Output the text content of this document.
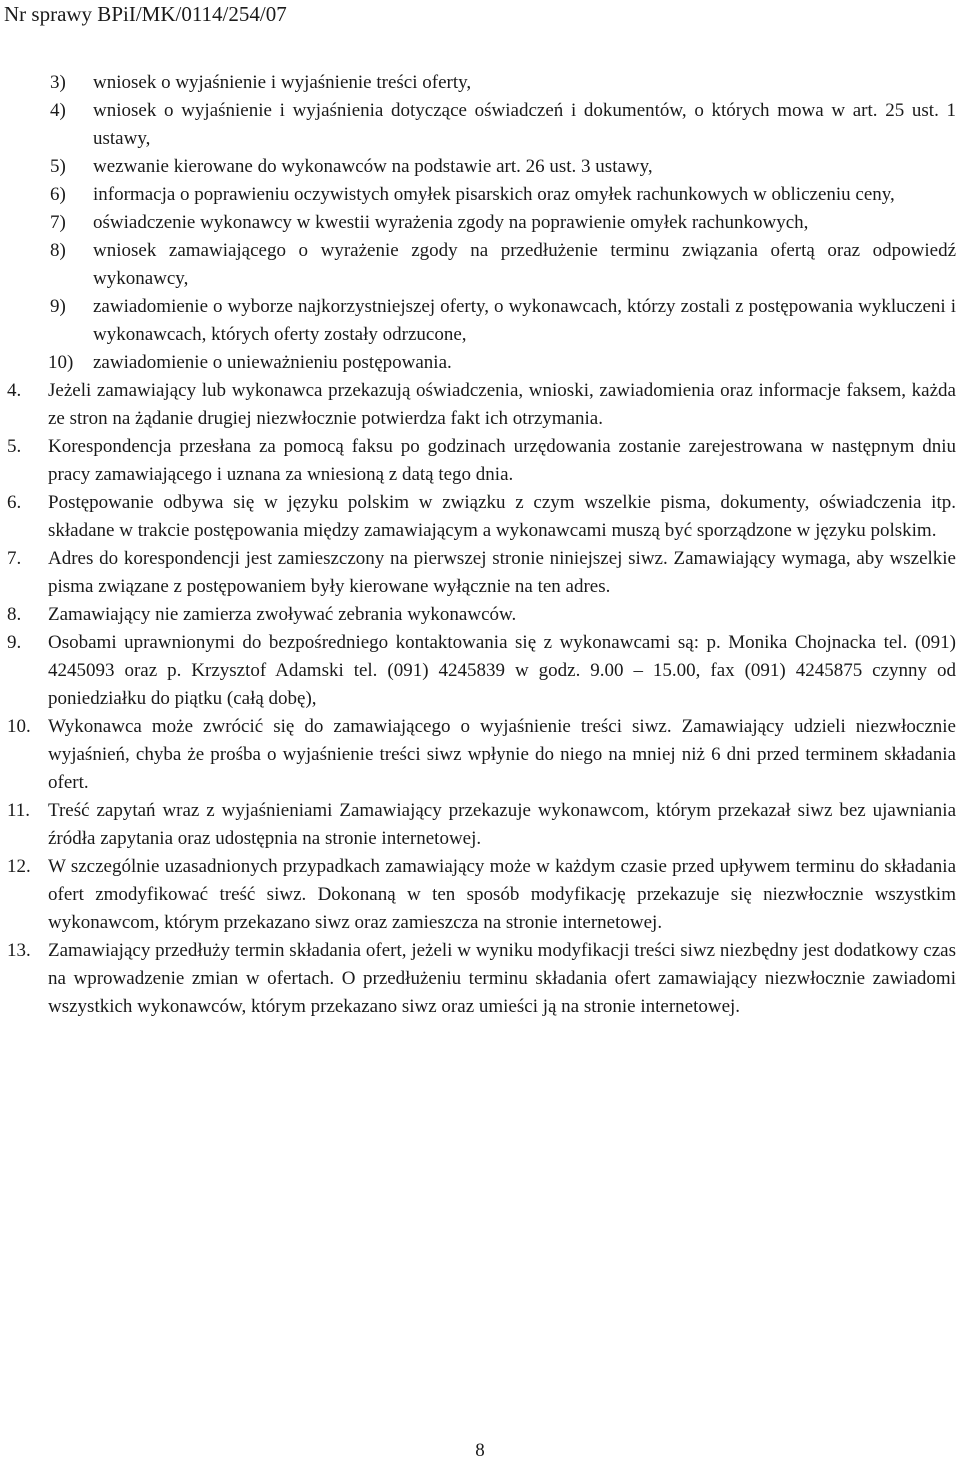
Nr sprawy BPiI/MK/0114/254/07
3) wniosek o wyjaśnienie i wyjaśnienie treści oferty,
4) wniosek o wyjaśnienie i wyjaśnienia dotyczące oświadczeń i dokumentów, o których mowa w art. 25 ust. 1 ustawy,
5) wezwanie kierowane do wykonawców na podstawie art. 26 ust. 3 ustawy,
6) informacja o poprawieniu oczywistych omyłek pisarskich oraz omyłek rachunkowych w obliczeniu ceny,
7) oświadczenie wykonawcy w kwestii wyrażenia zgody na poprawienie omyłek rachunkowych,
8) wniosek zamawiającego o wyrażenie zgody na przedłużenie terminu związania ofertą oraz odpowiedź wykonawcy,
9) zawiadomienie o wyborze najkorzystniejszej oferty, o wykonawcach, którzy zostali z postępowania wykluczeni i wykonawcach, których oferty zostały odrzucone,
10) zawiadomienie o unieważnieniu postępowania.
4. Jeżeli zamawiający lub wykonawca przekazują oświadczenia, wnioski, zawiadomienia oraz informacje faksem, każda ze stron na żądanie drugiej niezwłocznie potwierdza fakt ich otrzymania.
5. Korespondencja przesłana za pomocą faksu po godzinach urzędowania zostanie zarejestrowana w następnym dniu pracy zamawiającego i uznana za wniesioną z datą tego dnia.
6. Postępowanie odbywa się w języku polskim w związku z czym wszelkie pisma, dokumenty, oświadczenia itp. składane w trakcie postępowania między zamawiającym a wykonawcami muszą być sporządzone w języku polskim.
7. Adres do korespondencji jest zamieszczony na pierwszej stronie niniejszej siwz. Zamawiający wymaga, aby wszelkie pisma związane z postępowaniem były kierowane wyłącznie na ten adres.
8. Zamawiający nie zamierza zwoływać zebrania wykonawców.
9. Osobami uprawnionymi do bezpośredniego kontaktowania się z wykonawcami są: p. Monika Chojnacka tel. (091) 4245093 oraz p. Krzysztof Adamski tel. (091) 4245839 w godz. 9.00 – 15.00, fax (091) 4245875 czynny od poniedziałku do piątku (całą dobę),
10. Wykonawca może zwrócić się do zamawiającego o wyjaśnienie treści siwz. Zamawiający udzieli niezwłocznie wyjaśnień, chyba że prośba o wyjaśnienie treści siwz wpłynie do niego na mniej niż 6 dni przed terminem składania ofert.
11. Treść zapytań wraz z wyjaśnieniami Zamawiający przekazuje wykonawcom, którym przekazał siwz bez ujawniania źródła zapytania oraz udostępnia na stronie internetowej.
12. W szczególnie uzasadnionych przypadkach zamawiający może w każdym czasie przed upływem terminu do składania ofert zmodyfikować treść siwz. Dokonaną w ten sposób modyfikację przekazuje się niezwłocznie wszystkim wykonawcom, którym przekazano siwz oraz zamieszcza na stronie internetowej.
13. Zamawiający przedłuży termin składania ofert, jeżeli w wyniku modyfikacji treści siwz niezbędny jest dodatkowy czas na wprowadzenie zmian w ofertach. O przedłużeniu terminu składania ofert zamawiający niezwłocznie zawiadomi wszystkich wykonawców, którym przekazano siwz oraz umieści ją na stronie internetowej.
8
